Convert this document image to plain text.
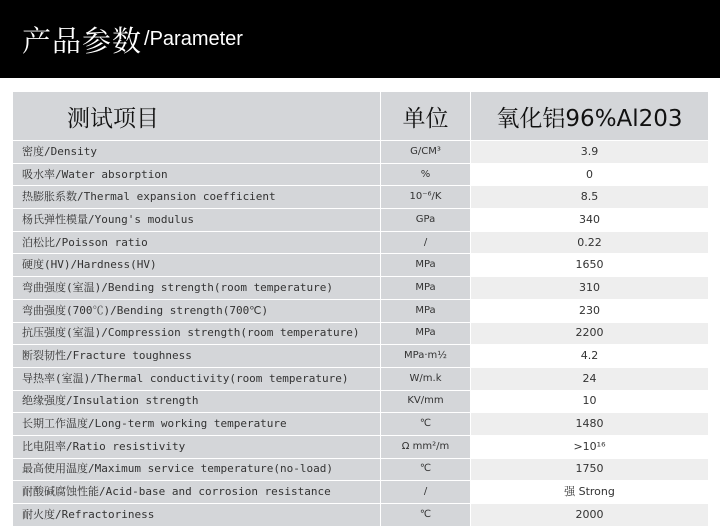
产品参数 /Parameter
测试项目	单位	氧化铝96%Al203
密度/Density	G/CM³	3.9
吸水率/Water absorption	%	0
热膨胀系数/Thermal expansion coefficient	10⁻⁶/K	8.5
杨氏弹性模量/Young's modulus	GPa	340
泊松比/Poisson ratio	/	0.22
硬度(HV)/Hardness(HV)	MPa	1650
弯曲强度(室温)/Bending strength(room temperature)	MPa	310
弯曲强度(700℃)/Bending strength(700℃)	MPa	230
抗压强度(室温)/Compression strength(room temperature)	MPa	2200
断裂韧性/Fracture toughness	MPa·m½	4.2
导热率(室温)/Thermal conductivity(room temperature)	W/m.k	24
绝缘强度/Insulation strength	KV/mm	10
长期工作温度/Long-term working temperature	℃	1480
比电阻率/Ratio resistivity	Ω mm²/m	>10¹⁶
最高使用温度/Maximum service temperature(no-load)	℃	1750
耐酸碱腐蚀性能/Acid-base and corrosion resistance	/	强 Strong
耐火度/Refractoriness	℃	2000
